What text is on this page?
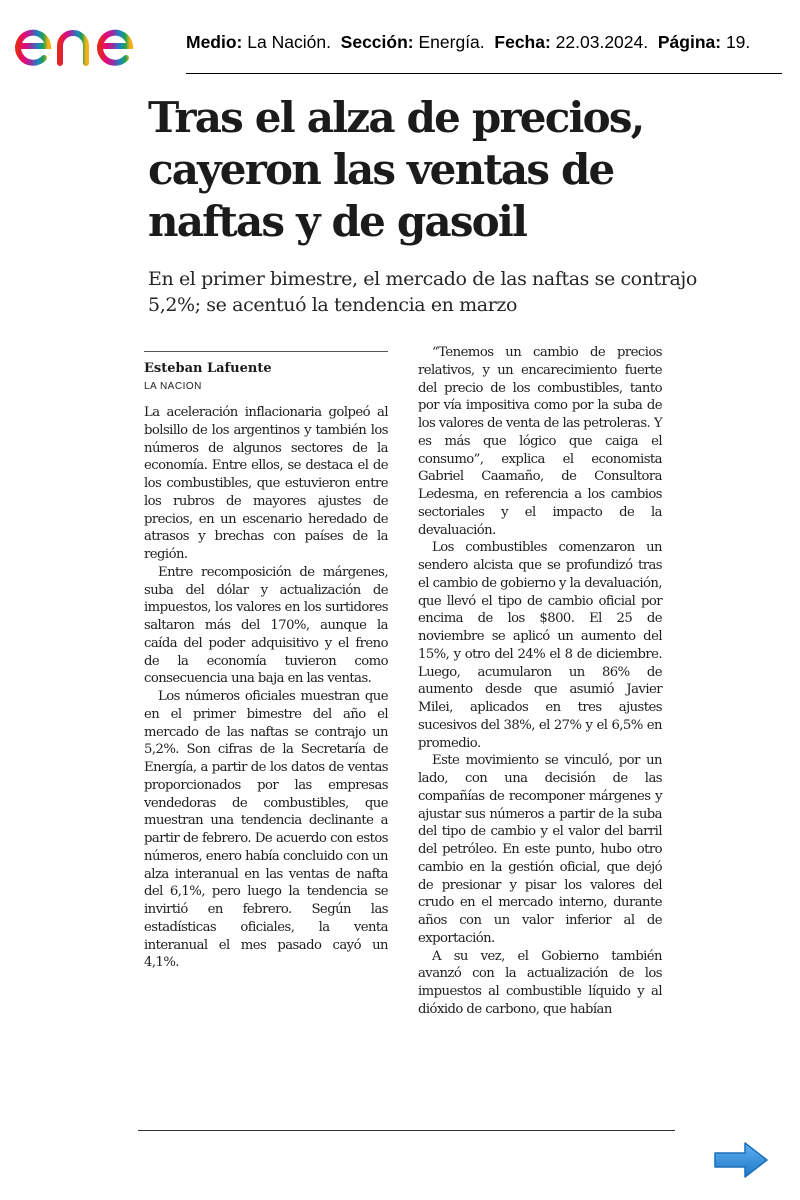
Medio: La Nación. Sección: Energía. Fecha: 22.03.2024. Página: 19.
Tras el alza de precios, cayeron las ventas de naftas y de gasoil

En el primer bimestre, el mercado de las naftas se contrajo 5,2%; se acentuó la tendencia en marzo

Esteban Lafuente
LA NACION

La aceleración inflacionaria golpeó al bolsillo de los argentinos y también los números de algunos sectores de la economía. Entre ellos, se destaca el de los combustibles, que estuvieron entre los rubros de mayores ajustes de precios, en un escenario heredado de atrasos y brechas con países de la región.

Entre recomposición de márgenes, suba del dólar y actualización de impuestos, los valores en los surtidores saltaron más del 170%, aunque la caída del poder adquisitivo y el freno de la economía tuvieron como consecuencia una baja en las ventas.

Los números oficiales muestran que en el primer bimestre del año el mercado de las naftas se contrajo un 5,2%. Son cifras de la Secretaría de Energía, a partir de los datos de ventas proporcionados por las empresas vendedoras de combustibles, que muestran una tendencia declinante a partir de febrero. De acuerdo con estos números, enero había concluido con un alza interanual en las ventas de nafta del 6,1%, pero luego la tendencia se invirtió en febrero. Según las estadísticas oficiales, la venta interanual el mes pasado cayó un 4,1%.

“Tenemos un cambio de precios relativos, y un encarecimiento fuerte del precio de los combustibles, tanto por vía impositiva como por la suba de los valores de venta de las petroleras. Y es más que lógico que caiga el consumo”, explica el economista Gabriel Caamaño, de Consultora Ledesma, en referencia a los cambios sectoriales y el impacto de la devaluación.

Los combustibles comenzaron un sendero alcista que se profundizó tras el cambio de gobierno y la devaluación, que llevó el tipo de cambio oficial por encima de los $800. El 25 de noviembre se aplicó un aumento del 15%, y otro del 24% el 8 de diciembre. Luego, acumularon un 86% de aumento desde que asumió Javier Milei, aplicados en tres ajustes sucesivos del 38%, el 27% y el 6,5% en promedio.

Este movimiento se vinculó, por un lado, con una decisión de las compañías de recomponer márgenes y ajustar sus números a partir de la suba del tipo de cambio y el valor del barril del petróleo. En este punto, hubo otro cambio en la gestión oficial, que dejó de presionar y pisar los valores del crudo en el mercado interno, durante años con un valor inferior al de exportación.

A su vez, el Gobierno también avanzó con la actualización de los impuestos al combustible líquido y al dióxido de carbono, que habían
